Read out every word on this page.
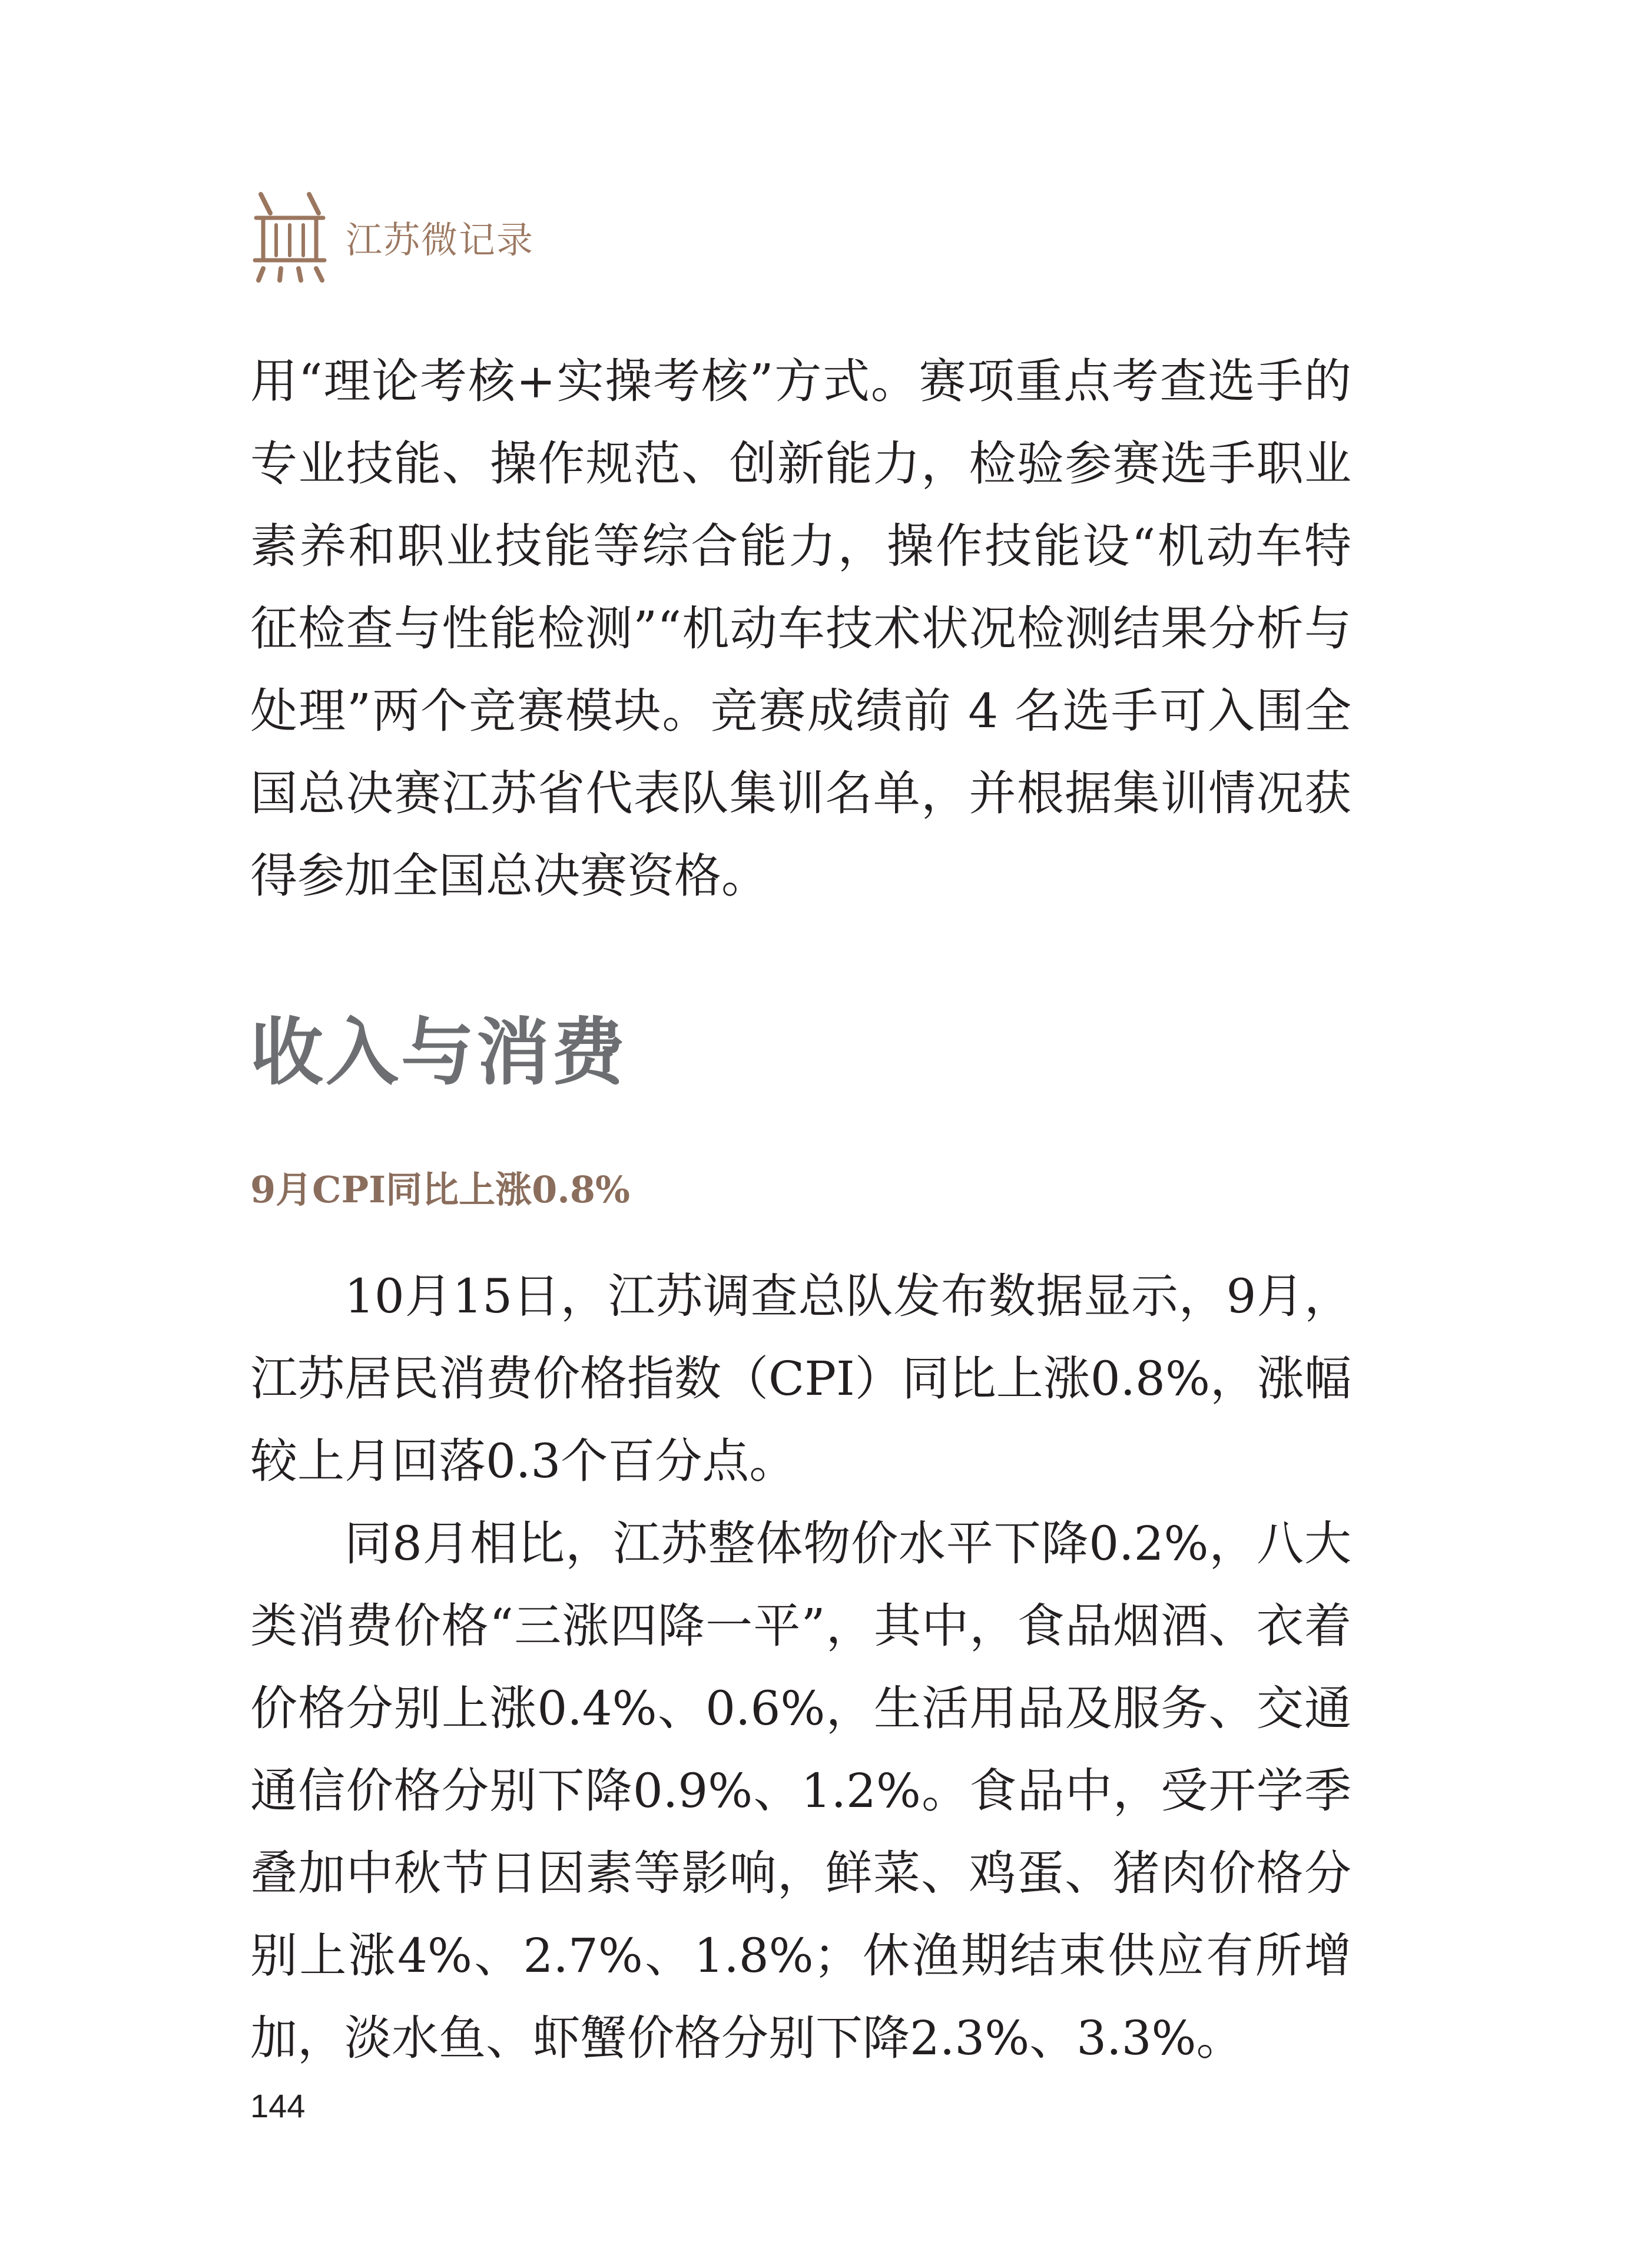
江苏微记录

用“理论考核+实操考核”方式。赛项重点考查选手的专业技能、操作规范、创新能力，检验参赛选手职业素养和职业技能等综合能力，操作技能设“机动车特征检查与性能检测”“机动车技术状况检测结果分析与处理”两个竞赛模块。竞赛成绩前 4 名选手可入围全国总决赛江苏省代表队集训名单，并根据集训情况获得参加全国总决赛资格。

收入与消费
9月CPI同比上涨0.8%

10月15日，江苏调查总队发布数据显示，9月，江苏居民消费价格指数（CPI）同比上涨0.8%，涨幅较上月回落0.3个百分点。

同8月相比，江苏整体物价水平下降0.2%，八大类消费价格“三涨四降一平”，其中，食品烟酒、衣着价格分别上涨0.4%、0.6%，生活用品及服务、交通通信价格分别下降0.9%、1.2%。食品中，受开学季叠加中秋节日因素等影响，鲜菜、鸡蛋、猪肉价格分别上涨4%、2.7%、1.8%；休渔期结束供应有所增加，淡水鱼、虾蟹价格分别下降2.3%、3.3%。

144
